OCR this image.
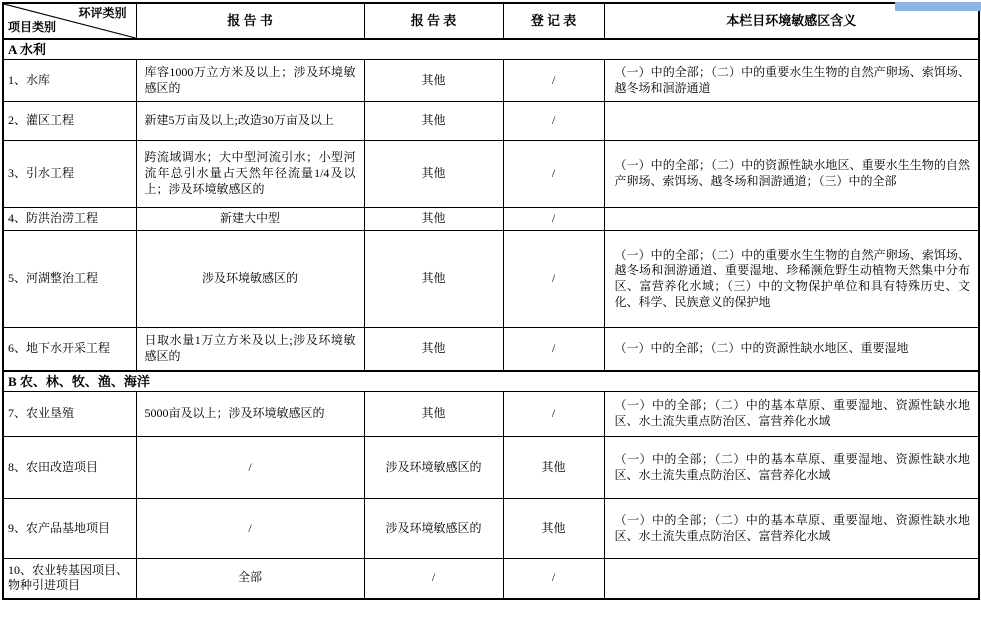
环评类别
项目类别	报 告 书	报 告 表	登 记 表	本栏目环境敏感区含义
A 水利				
1、水库	库容1000万立方米及以上；涉及环境敏感区的	其他	/	（一）中的全部；（二）中的重要水生生物的自然产卵场、索饵场、越冬场和洄游通道
2、灌区工程	新建5万亩及以上;改造30万亩及以上	其他	/	
3、引水工程	跨流域调水；大中型河流引水；小型河流年总引水量占天然年径流量1/4及以上；涉及环境敏感区的	其他	/	（一）中的全部；（二）中的资源性缺水地区、重要水生生物的自然产卵场、索饵场、越冬场和洄游通道；（三）中的全部
4、防洪治涝工程	新建大中型	其他	/	
5、河湖整治工程	涉及环境敏感区的	其他	/	（一）中的全部；（二）中的重要水生生物的自然产卵场、索饵场、越冬场和洄游通道、重要湿地、珍稀濒危野生动植物天然集中分布区、富营养化水域；（三）中的文物保护单位和具有特殊历史、文化、科学、民族意义的保护地
6、地下水开采工程	日取水量1万立方米及以上;涉及环境敏感区的	其他	/	（一）中的全部；（二）中的资源性缺水地区、重要湿地
B 农、林、牧、渔、海洋				
7、农业垦殖	5000亩及以上；涉及环境敏感区的	其他	/	（一）中的全部；（二）中的基本草原、重要湿地、资源性缺水地区、水土流失重点防治区、富营养化水域
8、农田改造项目	/	涉及环境敏感区的	其他	（一）中的全部；（二）中的基本草原、重要湿地、资源性缺水地区、水土流失重点防治区、富营养化水域
9、农产品基地项目	/	涉及环境敏感区的	其他	（一）中的全部；（二）中的基本草原、重要湿地、资源性缺水地区、水土流失重点防治区、富营养化水域
10、农业转基因项目、物种引进项目	全部	/	/	
